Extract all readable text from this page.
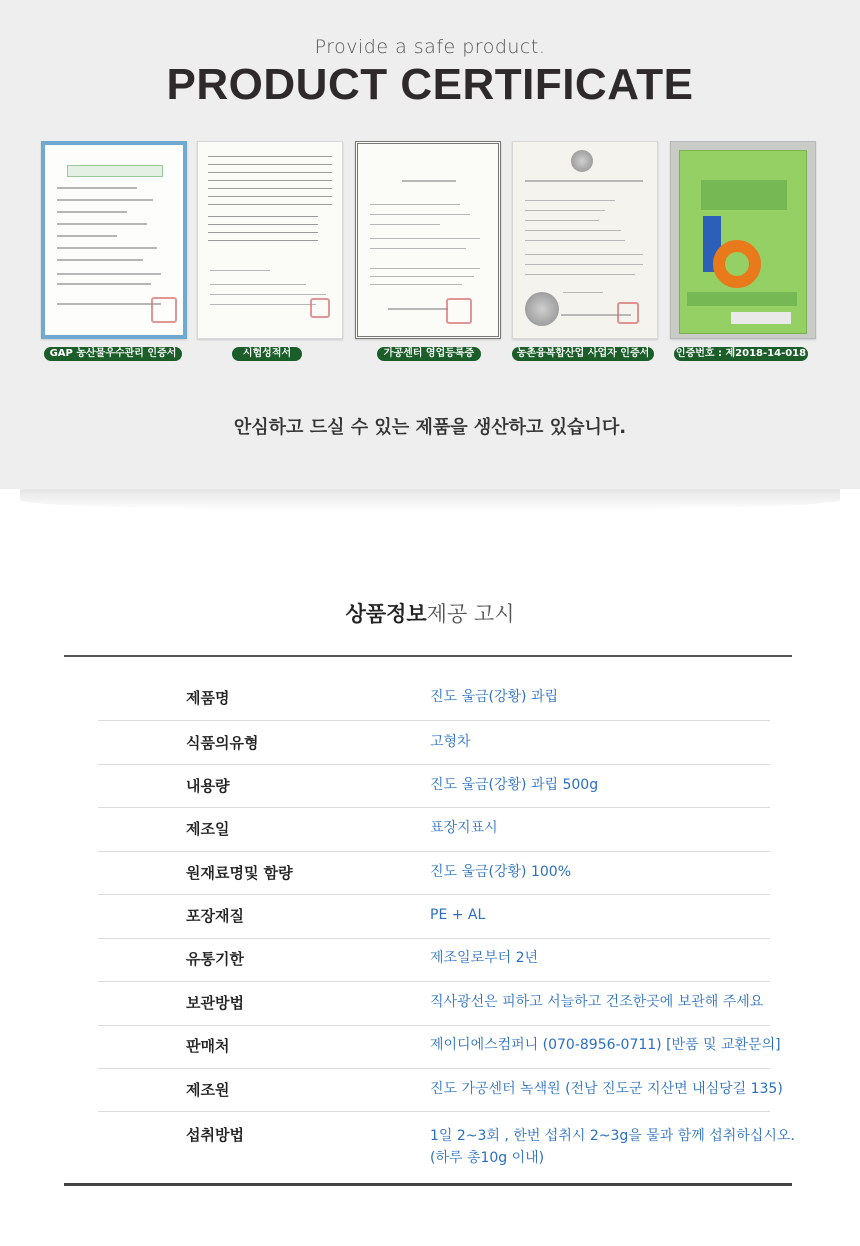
Provide a safe product.
PRODUCT CERTIFICATE
GAP 농산물우수관리 인증서	시험성적서	가공센터 영업등록증	농촌융복합산업 사업자 인증서	인증번호 : 제2018-14-018
안심하고 드실 수 있는 제품을 생산하고 있습니다.
상품정보제공 고시
제품명	진도 울금(강황) 과립
식품의유형	고형차
내용량	진도 울금(강황) 과립 500g
제조일	표장지표시
원재료명및 함량	진도 울금(강황) 100%
포장재질	PE + AL
유통기한	제조일로부터 2년
보관방법	직사광선은 피하고 서늘하고 건조한곳에 보관해 주세요
판매처	제이디에스컴퍼니 (070-8956-0711) [반품 및 교환문의]
제조원	진도 가공센터 녹색원 (전남 진도군 지산면 내심당길 135)
섭취방법	1일 2~3회 , 한번 섭취시 2~3g을 물과 함께 섭취하십시오.
(하루 총10g 이내)
